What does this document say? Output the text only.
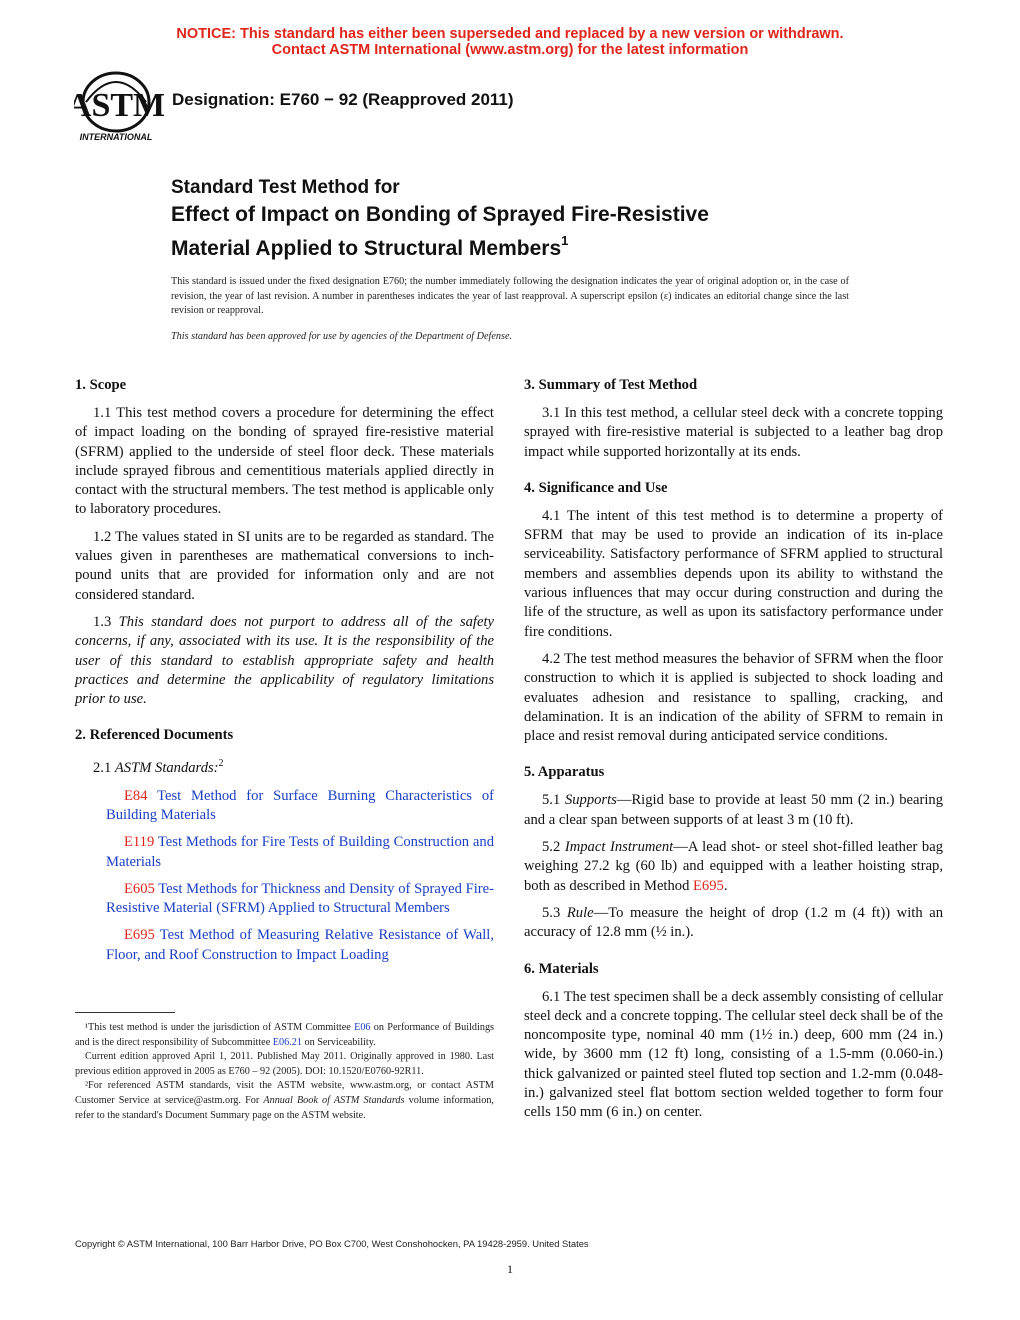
NOTICE: This standard has either been superseded and replaced by a new version or withdrawn.
Contact ASTM International (www.astm.org) for the latest information
ASTM
INTERNATIONAL
Designation: E760 − 92 (Reapproved 2011)
Standard Test Method for
Effect of Impact on Bonding of Sprayed Fire-Resistive
Material Applied to Structural Members$^1$
This standard is issued under the fixed designation E760; the number immediately following the designation indicates the year of original adoption or, in the case of revision, the year of last revision. A number in parentheses indicates the year of last reapproval. A superscript epsilon (ε) indicates an editorial change since the last revision or reapproval.
This standard has been approved for use by agencies of the Department of Defense.
1. Scope

1.1 This test method covers a procedure for determining the effect of impact loading on the bonding of sprayed fire-resistive material (SFRM) applied to the underside of steel floor deck. These materials include sprayed fibrous and cementitious materials applied directly in contact with the structural members. The test method is applicable only to laboratory procedures.

1.2 The values stated in SI units are to be regarded as standard. The values given in parentheses are mathematical conversions to inch-pound units that are provided for information only and are not considered standard.

1.3 This standard does not purport to address all of the safety concerns, if any, associated with its use. It is the responsibility of the user of this standard to establish appropriate safety and health practices and determine the applicability of regulatory limitations prior to use.

2. Referenced Documents

2.1 ASTM Standards:$^2$

E84 Test Method for Surface Burning Characteristics of Building Materials

E119 Test Methods for Fire Tests of Building Construction and Materials

E605 Test Methods for Thickness and Density of Sprayed Fire-Resistive Material (SFRM) Applied to Structural Members

E695 Test Method of Measuring Relative Resistance of Wall, Floor, and Roof Construction to Impact Loading

3. Summary of Test Method

3.1 In this test method, a cellular steel deck with a concrete topping sprayed with fire-resistive material is subjected to a leather bag drop impact while supported horizontally at its ends.

4. Significance and Use

4.1 The intent of this test method is to determine a property of SFRM that may be used to provide an indication of its in-place serviceability. Satisfactory performance of SFRM applied to structural members and assemblies depends upon its ability to withstand the various influences that may occur during construction and during the life of the structure, as well as upon its satisfactory performance under fire conditions.

4.2 The test method measures the behavior of SFRM when the floor construction to which it is applied is subjected to shock loading and evaluates adhesion and resistance to spalling, cracking, and delamination. It is an indication of the ability of SFRM to remain in place and resist removal during anticipated service conditions.

5. Apparatus

5.1 Supports—Rigid base to provide at least 50 mm (2 in.) bearing and a clear span between supports of at least 3 m (10 ft).

5.2 Impact Instrument—A lead shot- or steel shot-filled leather bag weighing 27.2 kg (60 lb) and equipped with a leather hoisting strap, both as described in Method E695.

5.3 Rule—To measure the height of drop (1.2 m (4 ft)) with an accuracy of 12.8 mm (½ in.).

6. Materials

6.1 The test specimen shall be a deck assembly consisting of cellular steel deck and a concrete topping. The cellular steel deck shall be of the noncomposite type, nominal 40 mm (1½ in.) deep, 600 mm (24 in.) wide, by 3600 mm (12 ft) long, consisting of a 1.5-mm (0.060-in.) thick galvanized or painted steel fluted top section and 1.2-mm (0.048-in.) galvanized steel flat bottom section welded together to form four cells 150 mm (6 in.) on center.

¹This test method is under the jurisdiction of ASTM Committee E06 on Performance of Buildings and is the direct responsibility of Subcommittee E06.21 on Serviceability.

Current edition approved April 1, 2011. Published May 2011. Originally approved in 1980. Last previous edition approved in 2005 as E760 – 92 (2005). DOI: 10.1520/E0760-92R11.

²For referenced ASTM standards, visit the ASTM website, www.astm.org, or contact ASTM Customer Service at service@astm.org. For Annual Book of ASTM Standards volume information, refer to the standard's Document Summary page on the ASTM website.

Copyright © ASTM International, 100 Barr Harbor Drive, PO Box C700, West Conshohocken, PA 19428-2959. United States
1
